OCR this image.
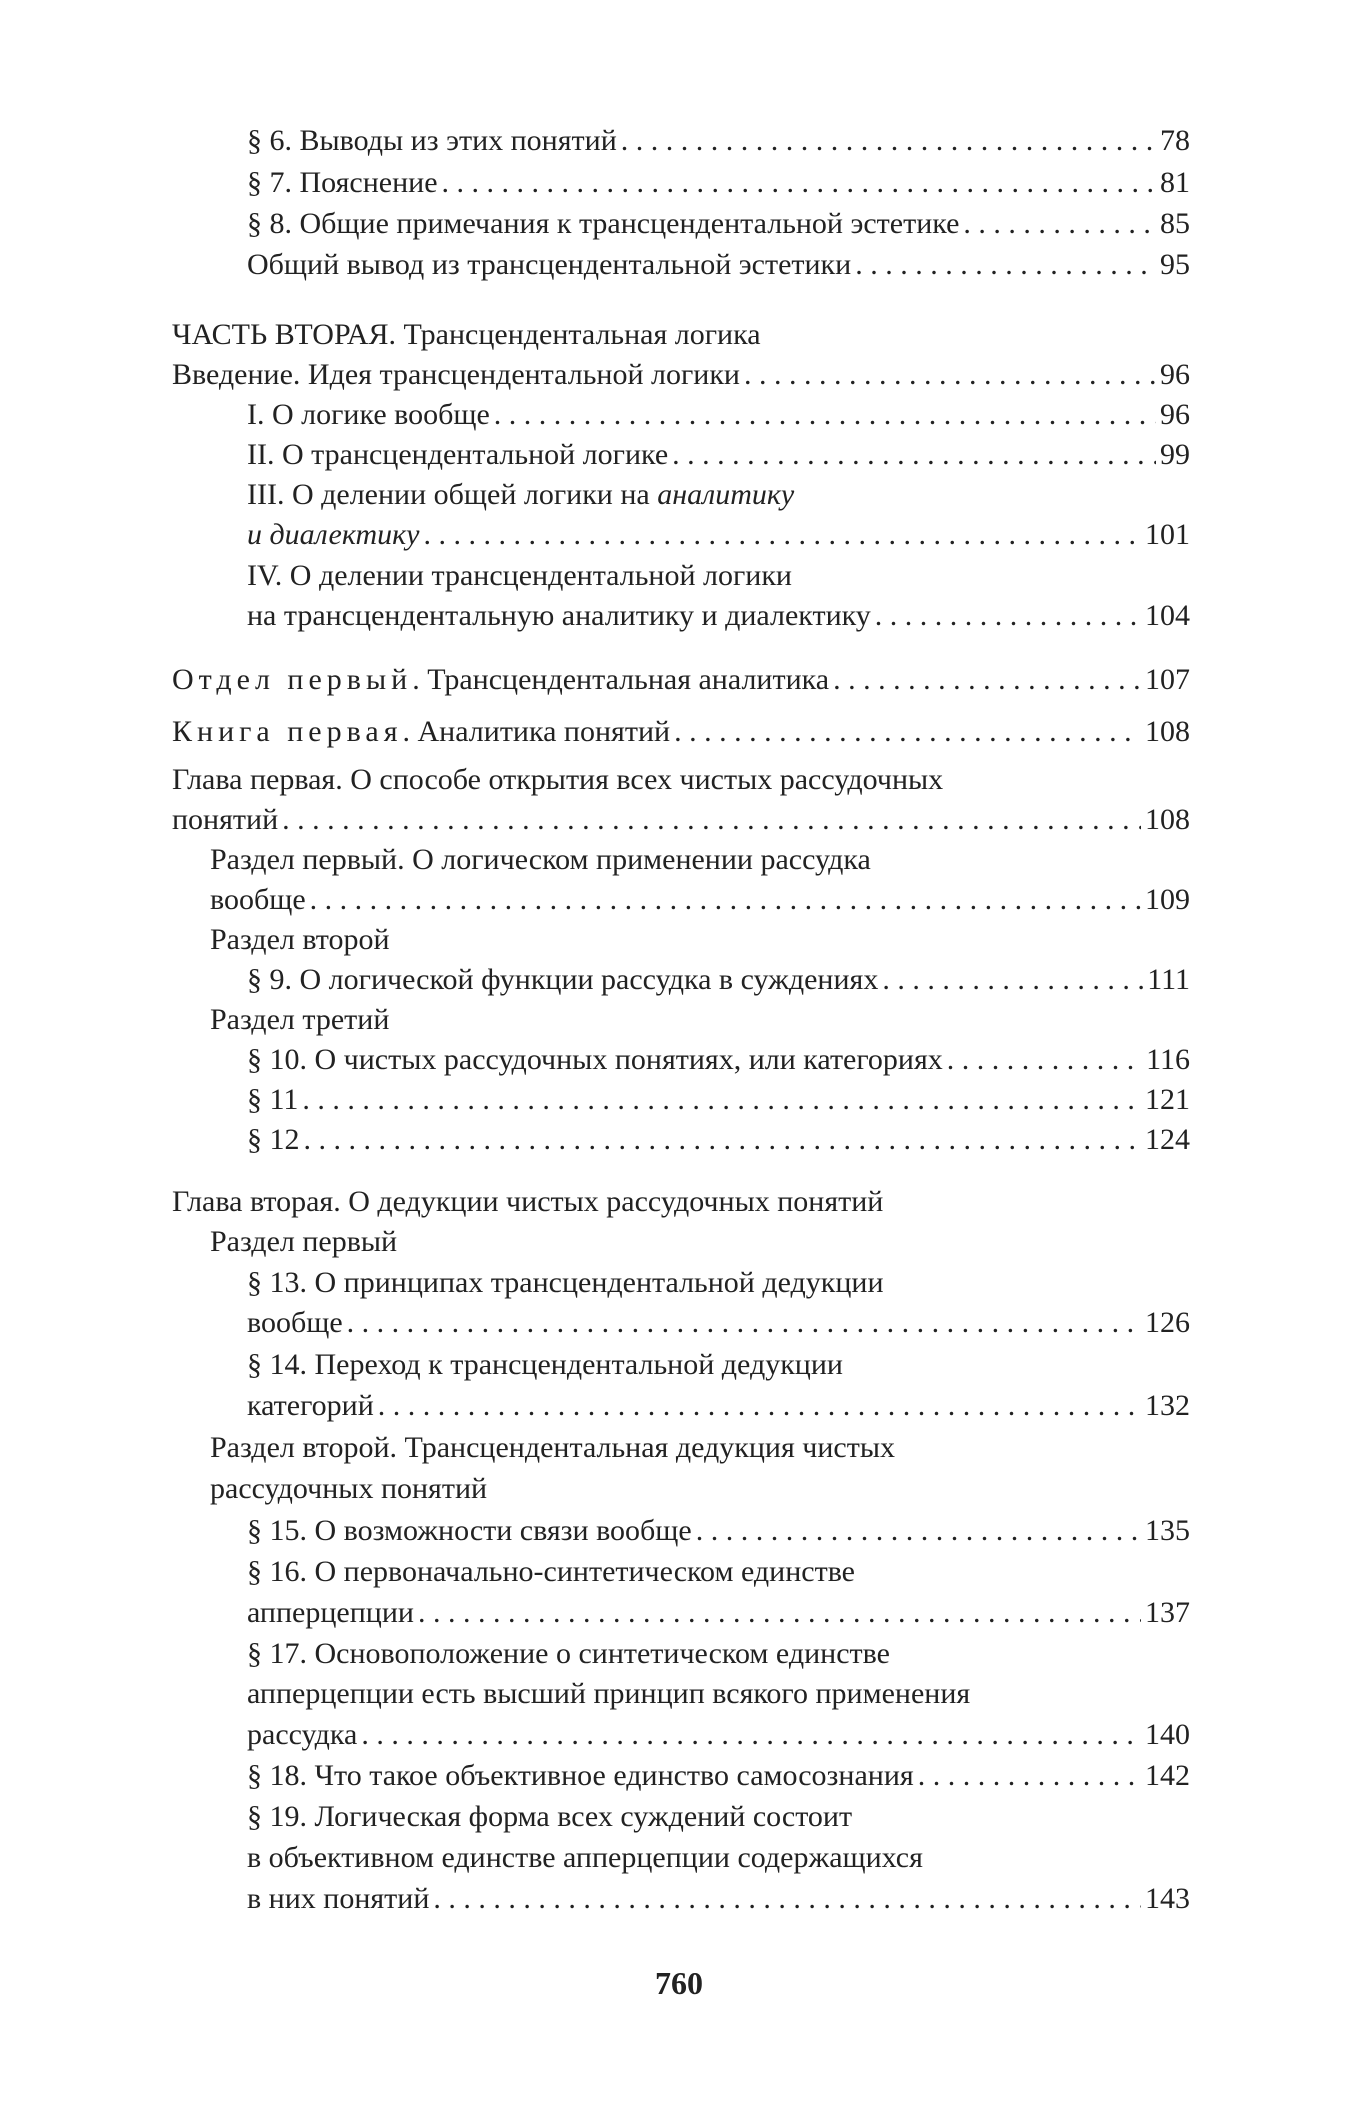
§ 6. Выводы из этих понятий . . .	78
§ 7. Пояснение . . .	81
§ 8. Общие примечания к трансцендентальной эстетике . . .	85
Общий вывод из трансцендентальной эстетики . . .	95
ЧАСТЬ ВТОРАЯ. Трансцендентальная логика
Введение. Идея трансцендентальной логики . . .	96
I. О логике вообще . . .	96
II. О трансцендентальной логике . . .	99
III. О делении общей логики на аналитику
и диалектику . . .	101
IV. О делении трансцендентальной логики
на трансцендентальную аналитику и диалектику . . .	104
Отдел первый. Трансцендентальная аналитика . . .	107
Книга первая. Аналитика понятий . . .	108
Глава первая. О способе открытия всех чистых рассудочных
понятий . . .	108
Раздел первый. О логическом применении рассудка
вообще . . .	109
Раздел второй
§ 9. О логической функции рассудка в суждениях . . .	111
Раздел третий
§ 10. О чистых рассудочных понятиях, или категориях . . .	116
§ 11 . . .	121
§ 12 . . .	124
Глава вторая. О дедукции чистых рассудочных понятий
Раздел первый
§ 13. О принципах трансцендентальной дедукции
вообще . . .	126
§ 14. Переход к трансцендентальной дедукции
категорий . . .	132
Раздел второй. Трансцендентальная дедукция чистых
рассудочных понятий
§ 15. О возможности связи вообще . . .	135
§ 16. О первоначально-синтетическом единстве
апперцепции . . .	137
§ 17. Основоположение о синтетическом единстве
апперцепции есть высший принцип всякого применения
рассудка . . .	140
§ 18. Что такое объективное единство самосознания . . .	142
§ 19. Логическая форма всех суждений состоит
в объективном единстве апперцепции содержащихся
в них понятий . . .	143
760
